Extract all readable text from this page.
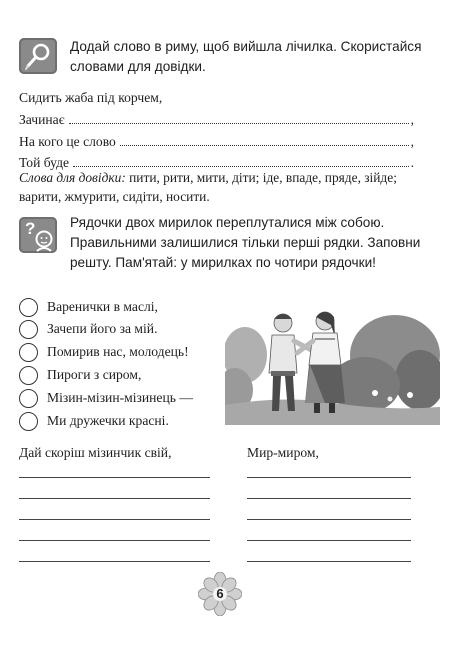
Додай слово в риму, щоб вийшла лічилка. Скористайся словами для довідки.
Сидить жаба під корчем,
Зачинає	,
На кого це слово	,
Той буде	.
Слова для довідки: пити, рити, мити, діти; іде, впаде, пряде, зійде; варити, жмурити, сидіти, носити.
?	Рядочки двох мирилок переплуталися між собою. Правильними залишилися тільки перші рядки. Заповни решту. Пам'ятай: у мирилках по чотири рядочки!
Варенички в маслі,
Зачепи його за мій.
Помирив нас, молодець!
Пироги з сиром,
Мізин-мізин-мізинець —
Ми дружечки красні.
Дай скоріш мізинчик свій,	Мир-миром,
6
